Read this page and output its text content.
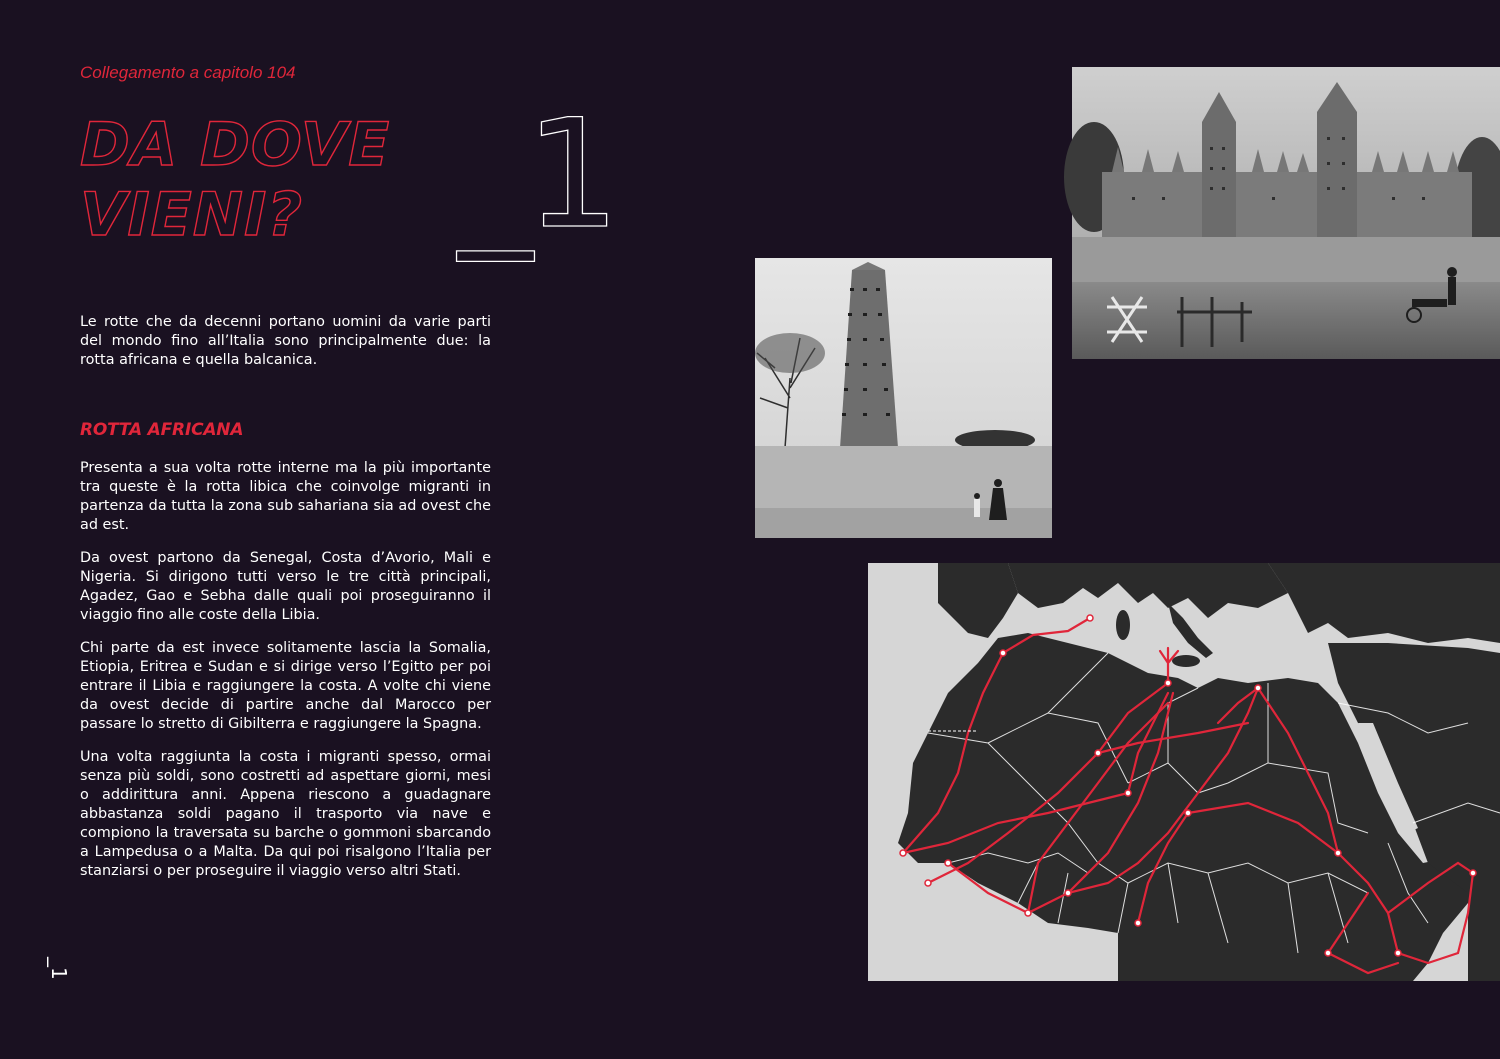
Collegamento a capitolo 104
DA DOVE
VIENI?	_1

Le rotte che da decenni portano uomini da varie parti del mondo fino all’Italia sono principalmente due: la rotta africana e quella balcanica.

ROTTA AFRICANA

Presenta a sua volta rotte interne ma la più importante tra queste è la rotta libica che coinvolge migranti in partenza da tutta la zona sub sahariana sia ad ovest che ad est.

Da ovest partono da Senegal, Costa d’Avorio, Mali e Nigeria. Si dirigono tutti verso le tre città principali, Agadez, Gao e Sebha dalle quali poi proseguiranno il viaggio fino alle coste della Libia.

Chi parte da est invece solitamente lascia la Somalia, Etiopia, Eritrea e Sudan e si dirige verso l’Egitto per poi entrare il Libia e raggiungere la costa. A volte chi viene da ovest decide di partire anche dal Marocco per passare lo stretto di Gibilterra e raggiungere la Spagna.

Una volta raggiunta la costa i migranti spesso, ormai senza più soldi, sono costretti ad aspettare giorni, mesi o addirittura anni. Appena riescono a guadagnare abbastanza soldi pagano il trasporto via nave e compiono la traversata su barche o gommoni sbarcando a Lampedusa o a Malta. Da qui poi risalgono l’Italia per stanziarsi o per proseguire il viaggio verso altri Stati.

_1
